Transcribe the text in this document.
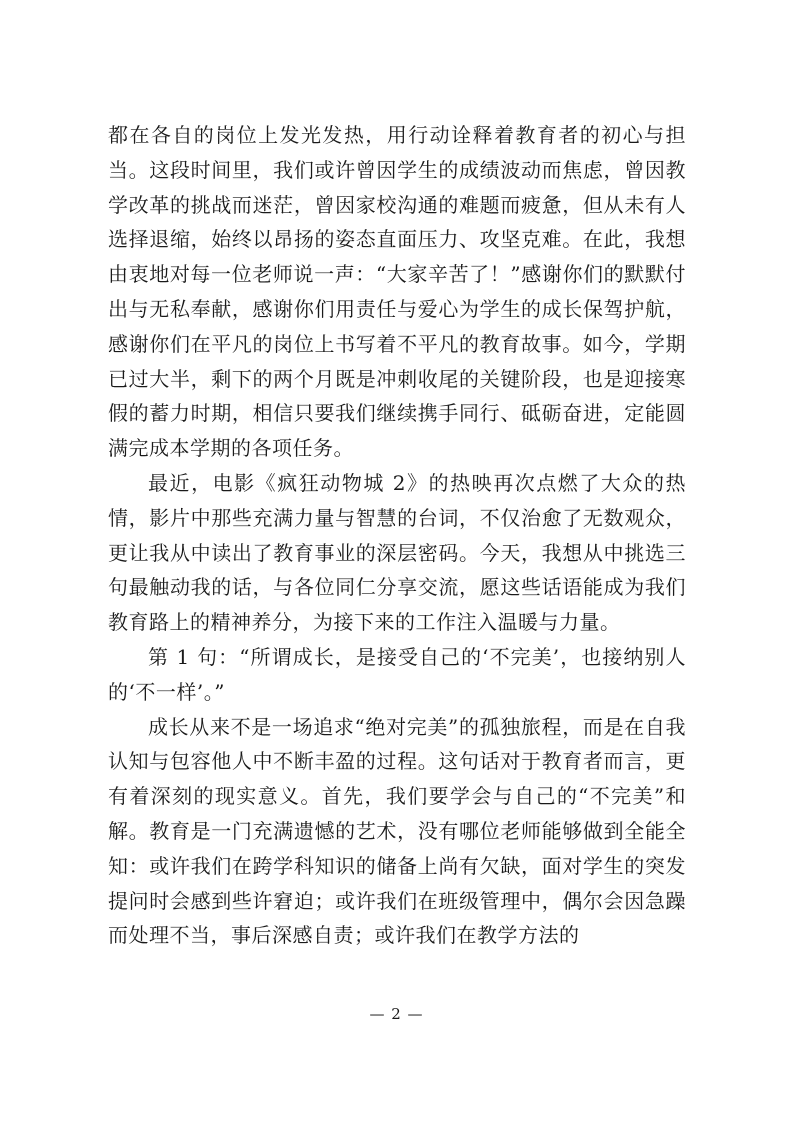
都在各自的岗位上发光发热，用行动诠释着教育者的初心与担当。这段时间里，我们或许曾因学生的成绩波动而焦虑，曾因教学改革的挑战而迷茫，曾因家校沟通的难题而疲惫，但从未有人选择退缩，始终以昂扬的姿态直面压力、攻坚克难。在此，我想由衷地对每一位老师说一声：“大家辛苦了！”感谢你们的默默付出与无私奉献，感谢你们用责任与爱心为学生的成长保驾护航，感谢你们在平凡的岗位上书写着不平凡的教育故事。如今，学期已过大半，剩下的两个月既是冲刺收尾的关键阶段，也是迎接寒假的蓄力时期，相信只要我们继续携手同行、砥砺奋进，定能圆满完成本学期的各项任务。

最近，电影《疯狂动物城 2》的热映再次点燃了大众的热情，影片中那些充满力量与智慧的台词，不仅治愈了无数观众，更让我从中读出了教育事业的深层密码。今天，我想从中挑选三句最触动我的话，与各位同仁分享交流，愿这些话语能成为我们教育路上的精神养分，为接下来的工作注入温暖与力量。

第 1 句：“所谓成长，是接受自己的‘不完美’，也接纳别人的‘不一样’。”

成长从来不是一场追求“绝对完美”的孤独旅程，而是在自我认知与包容他人中不断丰盈的过程。这句话对于教育者而言，更有着深刻的现实意义。首先，我们要学会与自己的“不完美”和解。教育是一门充满遗憾的艺术，没有哪位老师能够做到全能全知：或许我们在跨学科知识的储备上尚有欠缺，面对学生的突发提问时会感到些许窘迫；或许我们在班级管理中，偶尔会因急躁而处理不当，事后深感自责；或许我们在教学方法的

— 2 —
